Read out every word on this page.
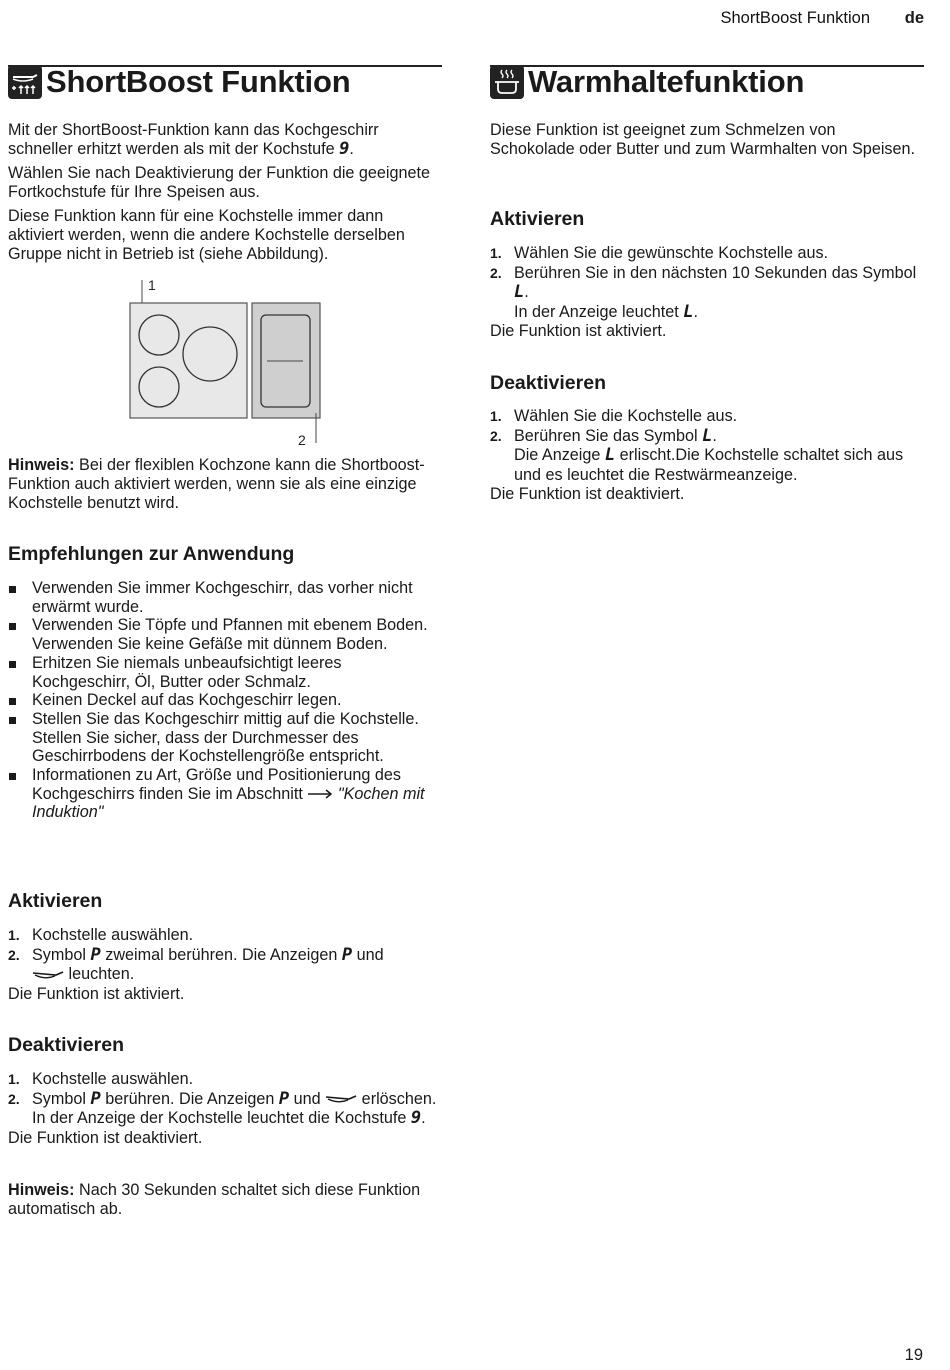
ShortBoost Funktion de
ShortBoost Funktion

Mit der ShortBoost-Funktion kann das Kochgeschirr schneller erhitzt werden als mit der Kochstufe 9.

Wählen Sie nach Deaktivierung der Funktion die geeignete Fortkochstufe für Ihre Speisen aus.

Diese Funktion kann für eine Kochstelle immer dann aktiviert werden, wenn die andere Kochstelle derselben Gruppe nicht in Betrieb ist (siehe Abbildung).

1
2

Hinweis: Bei der flexiblen Kochzone kann die Shortboost-Funktion auch aktiviert werden, wenn sie als eine einzige Kochstelle benutzt wird.

Empfehlungen zur Anwendung
Verwenden Sie immer Kochgeschirr, das vorher nicht erwärmt wurde.
Verwenden Sie Töpfe und Pfannen mit ebenem Boden. Verwenden Sie keine Gefäße mit dünnem Boden.
Erhitzen Sie niemals unbeaufsichtigt leeres Kochgeschirr, Öl, Butter oder Schmalz.
Keinen Deckel auf das Kochgeschirr legen.
Stellen Sie das Kochgeschirr mittig auf die Kochstelle. Stellen Sie sicher, dass der Durchmesser des Geschirrbodens der Kochstellengröße entspricht.
Informationen zu Art, Größe und Positionierung des Kochgeschirrs finden Sie im Abschnitt  "Kochen mit Induktion"
Aktivieren
1. Kochstelle auswählen.
2. Symbol P zweimal berühren. Die Anzeigen P und
leuchten.

Die Funktion ist aktiviert.

Deaktivieren
1. Kochstelle auswählen.
2. Symbol P berühren. Die Anzeigen P und  erlöschen. In der Anzeige der Kochstelle leuchtet die Kochstufe 9.

Die Funktion ist deaktiviert.

Hinweis: Nach 30 Sekunden schaltet sich diese Funktion automatisch ab.

Warmhaltefunktion

Diese Funktion ist geeignet zum Schmelzen von Schokolade oder Butter und zum Warmhalten von Speisen.

Aktivieren
1. Wählen Sie die gewünschte Kochstelle aus.
2. Berühren Sie in den nächsten 10 Sekunden das Symbol L.
In der Anzeige leuchtet L.

Die Funktion ist aktiviert.

Deaktivieren
1. Wählen Sie die Kochstelle aus.
2. Berühren Sie das Symbol L.
Die Anzeige L erlischt.Die Kochstelle schaltet sich aus und es leuchtet die Restwärmeanzeige.

Die Funktion ist deaktiviert.

19
